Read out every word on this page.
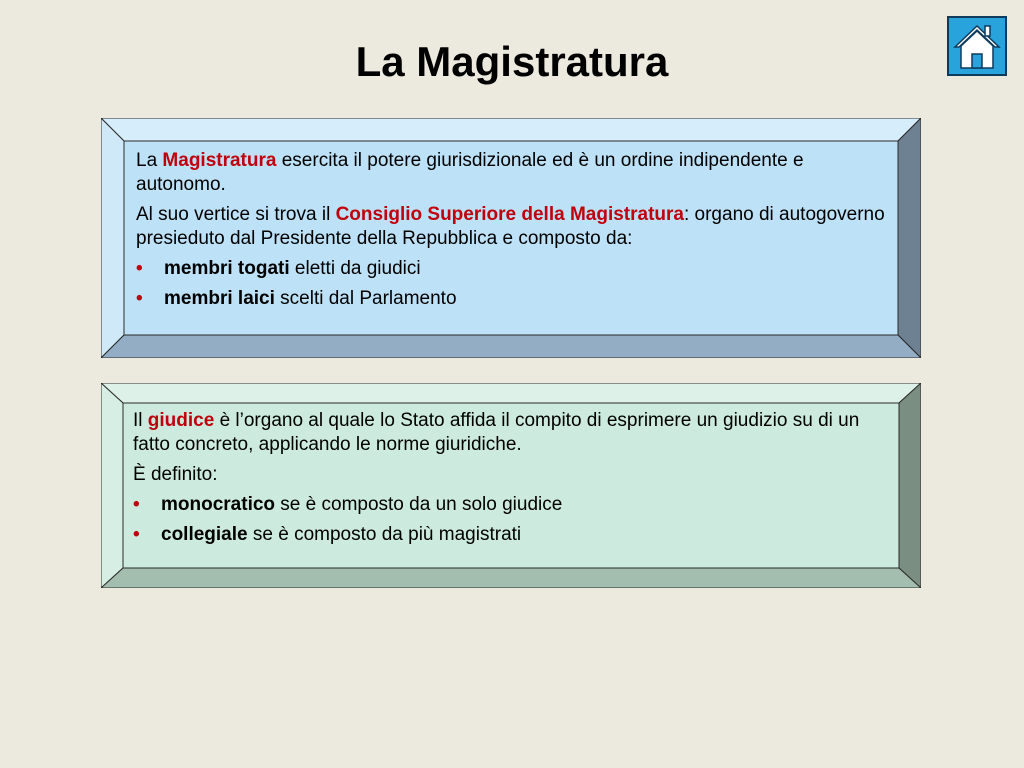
La Magistratura

La Magistratura esercita il potere giurisdizionale ed è un ordine indipendente e autonomo.

Al suo vertice si trova il Consiglio Superiore della Magistratura: organo di autogoverno presieduto dal Presidente della Repubblica e composto da:

• membri togati eletti da giudici
• membri laici scelti dal Parlamento

Il giudice è l’organo al quale lo Stato affida il compito di esprimere un giudizio su di un fatto concreto, applicando le norme giuridiche.

È definito:

• monocratico se è composto da un solo giudice
• collegiale se è composto da più magistrati
